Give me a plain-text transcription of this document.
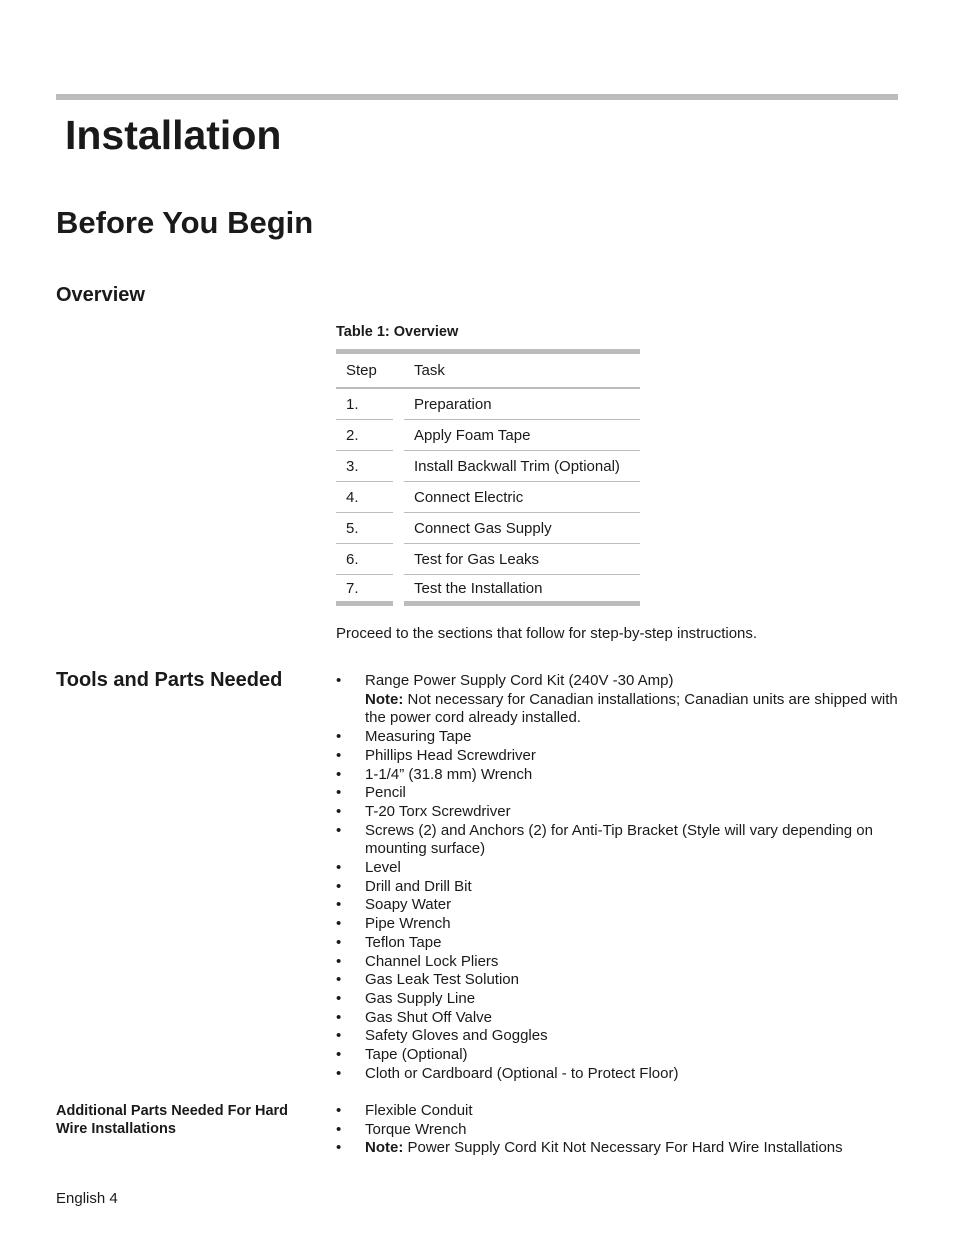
Installation
Before You Begin
Overview
Table 1: Overview
Step	Task
1.	Preparation
2.	Apply Foam Tape
3.	Install Backwall Trim (Optional)
4.	Connect Electric
5.	Connect Gas Supply
6.	Test for Gas Leaks
7.	Test the Installation
Proceed to the sections that follow for step-by-step instructions.
Tools and Parts Needed	• Range Power Supply Cord Kit (240V -30 Amp)
Note: Not necessary for Canadian installations; Canadian units are shipped with the power cord already installed.
• Measuring Tape
• Phillips Head Screwdriver
• 1-1/4” (31.8 mm) Wrench
• Pencil
• T-20 Torx Screwdriver
• Screws (2) and Anchors (2) for Anti-Tip Bracket (Style will vary depending on mounting surface)
• Level
• Drill and Drill Bit
• Soapy Water
• Pipe Wrench
• Teflon Tape
• Channel Lock Pliers
• Gas Leak Test Solution
• Gas Supply Line
• Gas Shut Off Valve
• Safety Gloves and Goggles
• Tape (Optional)
• Cloth or Cardboard (Optional - to Protect Floor)
Additional Parts Needed For Hard Wire Installations
• Flexible Conduit
• Torque Wrench
• Note: Power Supply Cord Kit Not Necessary For Hard Wire Installations
English 4
